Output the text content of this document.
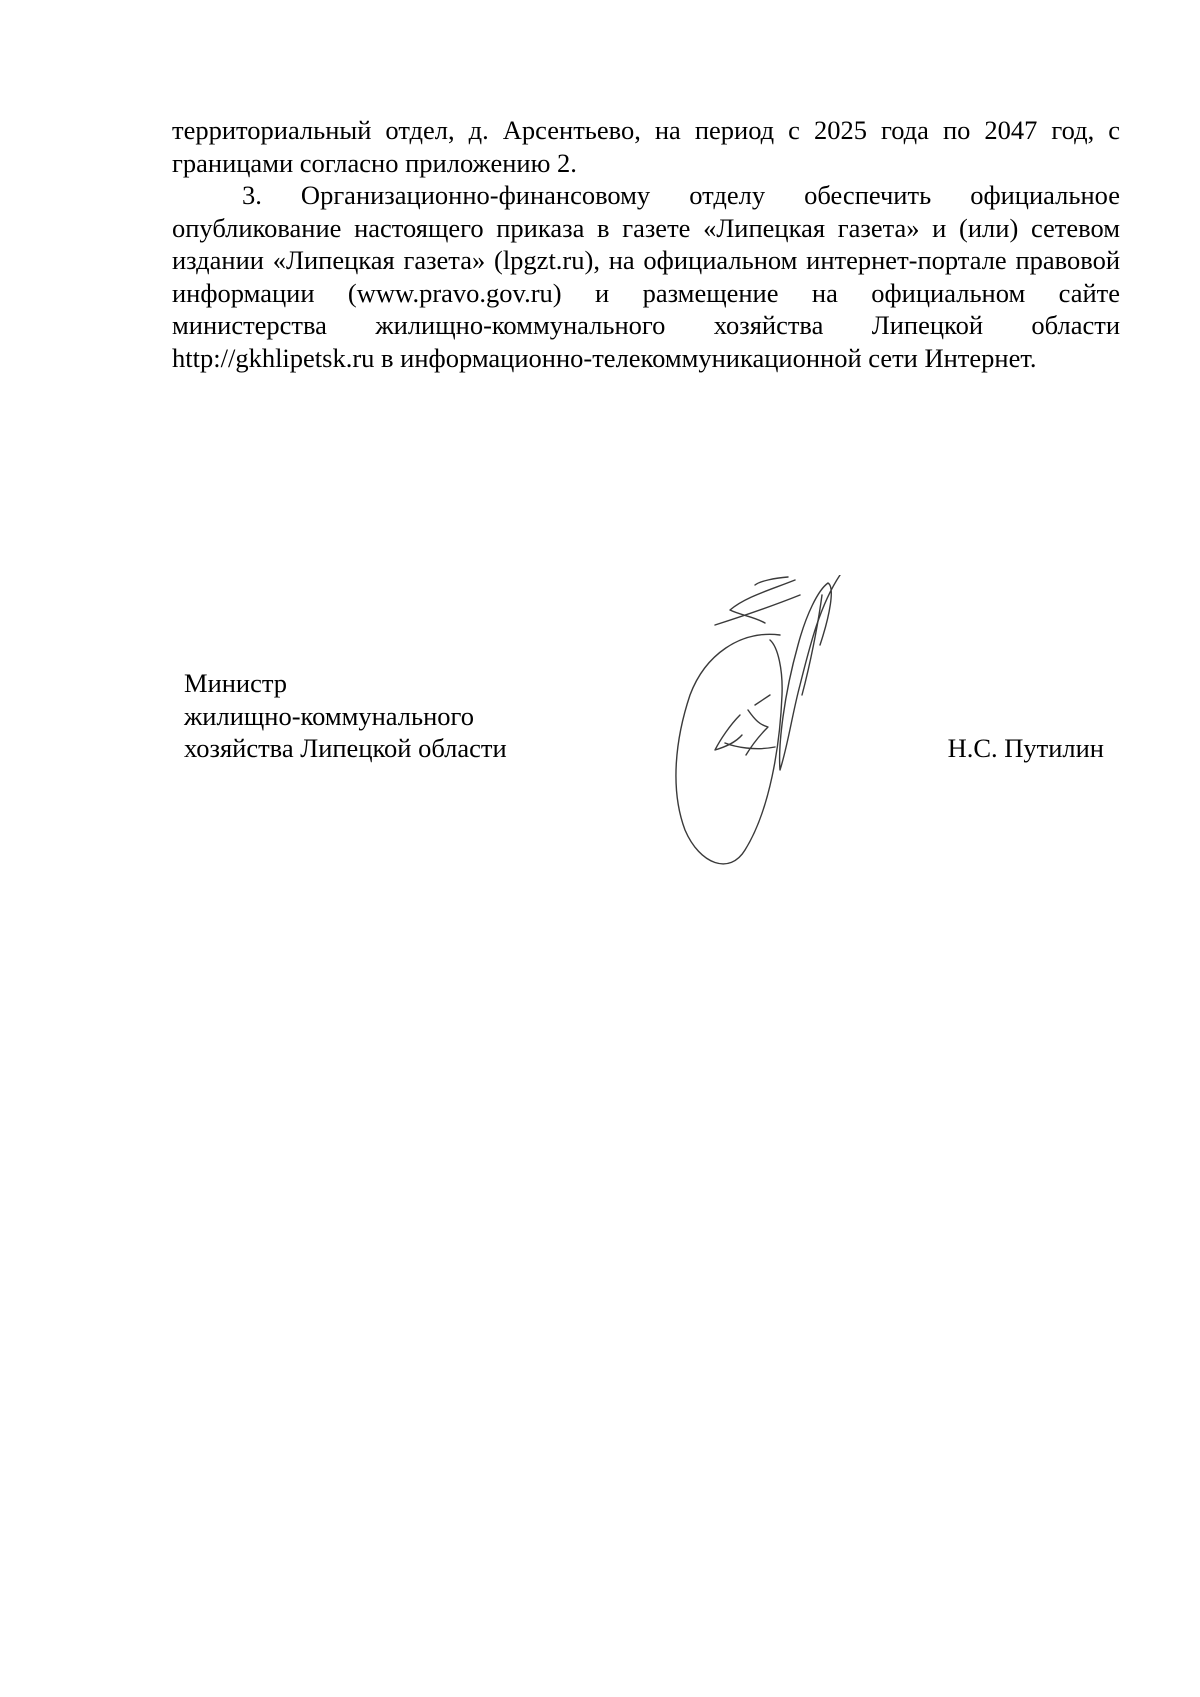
территориальный отдел, д. Арсентьево, на период с 2025 года по 2047 год, с границами согласно приложению 2.

3. Организационно-финансовому отделу обеспечить официальное опубликование настоящего приказа в газете «Липецкая газета» и (или) сетевом издании «Липецкая газета» (lpgzt.ru), на официальном интернет-портале правовой информации (www.pravo.gov.ru) и размещение на официальном сайте министерства жилищно-коммунального хозяйства Липецкой области http://gkhlipetsk.ru в информационно-телекоммуникационной сети Интернет.

Министр
жилищно-коммунального
хозяйства Липецкой области	Н.С. Путилин
